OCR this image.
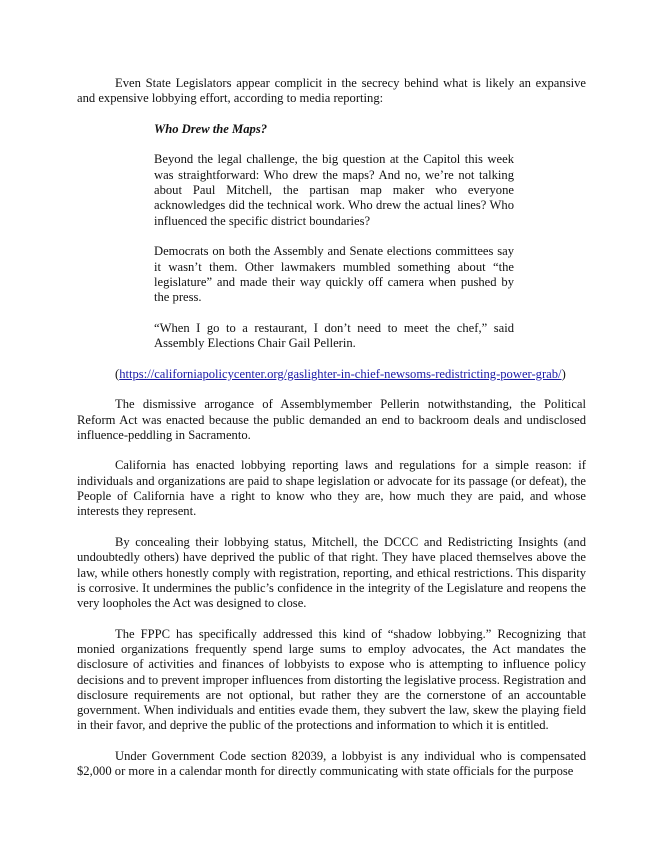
Even State Legislators appear complicit in the secrecy behind what is likely an expansive and expensive lobbying effort, according to media reporting:

Who Drew the Maps?

Beyond the legal challenge, the big question at the Capitol this week was straightforward: Who drew the maps? And no, we’re not talking about Paul Mitchell, the partisan map maker who everyone acknowledges did the technical work. Who drew the actual lines? Who influenced the specific district boundaries?

Democrats on both the Assembly and Senate elections committees say it wasn’t them. Other lawmakers mumbled something about “the legislature” and made their way quickly off camera when pushed by the press.

“When I go to a restaurant, I don’t need to meet the chef,” said Assembly Elections Chair Gail Pellerin.

(https://californiapolicycenter.org/gaslighter-in-chief-newsoms-redistricting-power-grab/)

The dismissive arrogance of Assemblymember Pellerin notwithstanding, the Political Reform Act was enacted because the public demanded an end to backroom deals and undisclosed influence-peddling in Sacramento.

California has enacted lobbying reporting laws and regulations for a simple reason: if individuals and organizations are paid to shape legislation or advocate for its passage (or defeat), the People of California have a right to know who they are, how much they are paid, and whose interests they represent.

By concealing their lobbying status, Mitchell, the DCCC and Redistricting Insights (and undoubtedly others) have deprived the public of that right. They have placed themselves above the law, while others honestly comply with registration, reporting, and ethical restrictions. This disparity is corrosive. It undermines the public’s confidence in the integrity of the Legislature and reopens the very loopholes the Act was designed to close.

The FPPC has specifically addressed this kind of “shadow lobbying.” Recognizing that monied organizations frequently spend large sums to employ advocates, the Act mandates the disclosure of activities and finances of lobbyists to expose who is attempting to influence policy decisions and to prevent improper influences from distorting the legislative process. Registration and disclosure requirements are not optional, but rather they are the cornerstone of an accountable government. When individuals and entities evade them, they subvert the law, skew the playing field in their favor, and deprive the public of the protections and information to which it is entitled.

Under Government Code section 82039, a lobbyist is any individual who is compensated $2,000 or more in a calendar month for directly communicating with state officials for the purpose
